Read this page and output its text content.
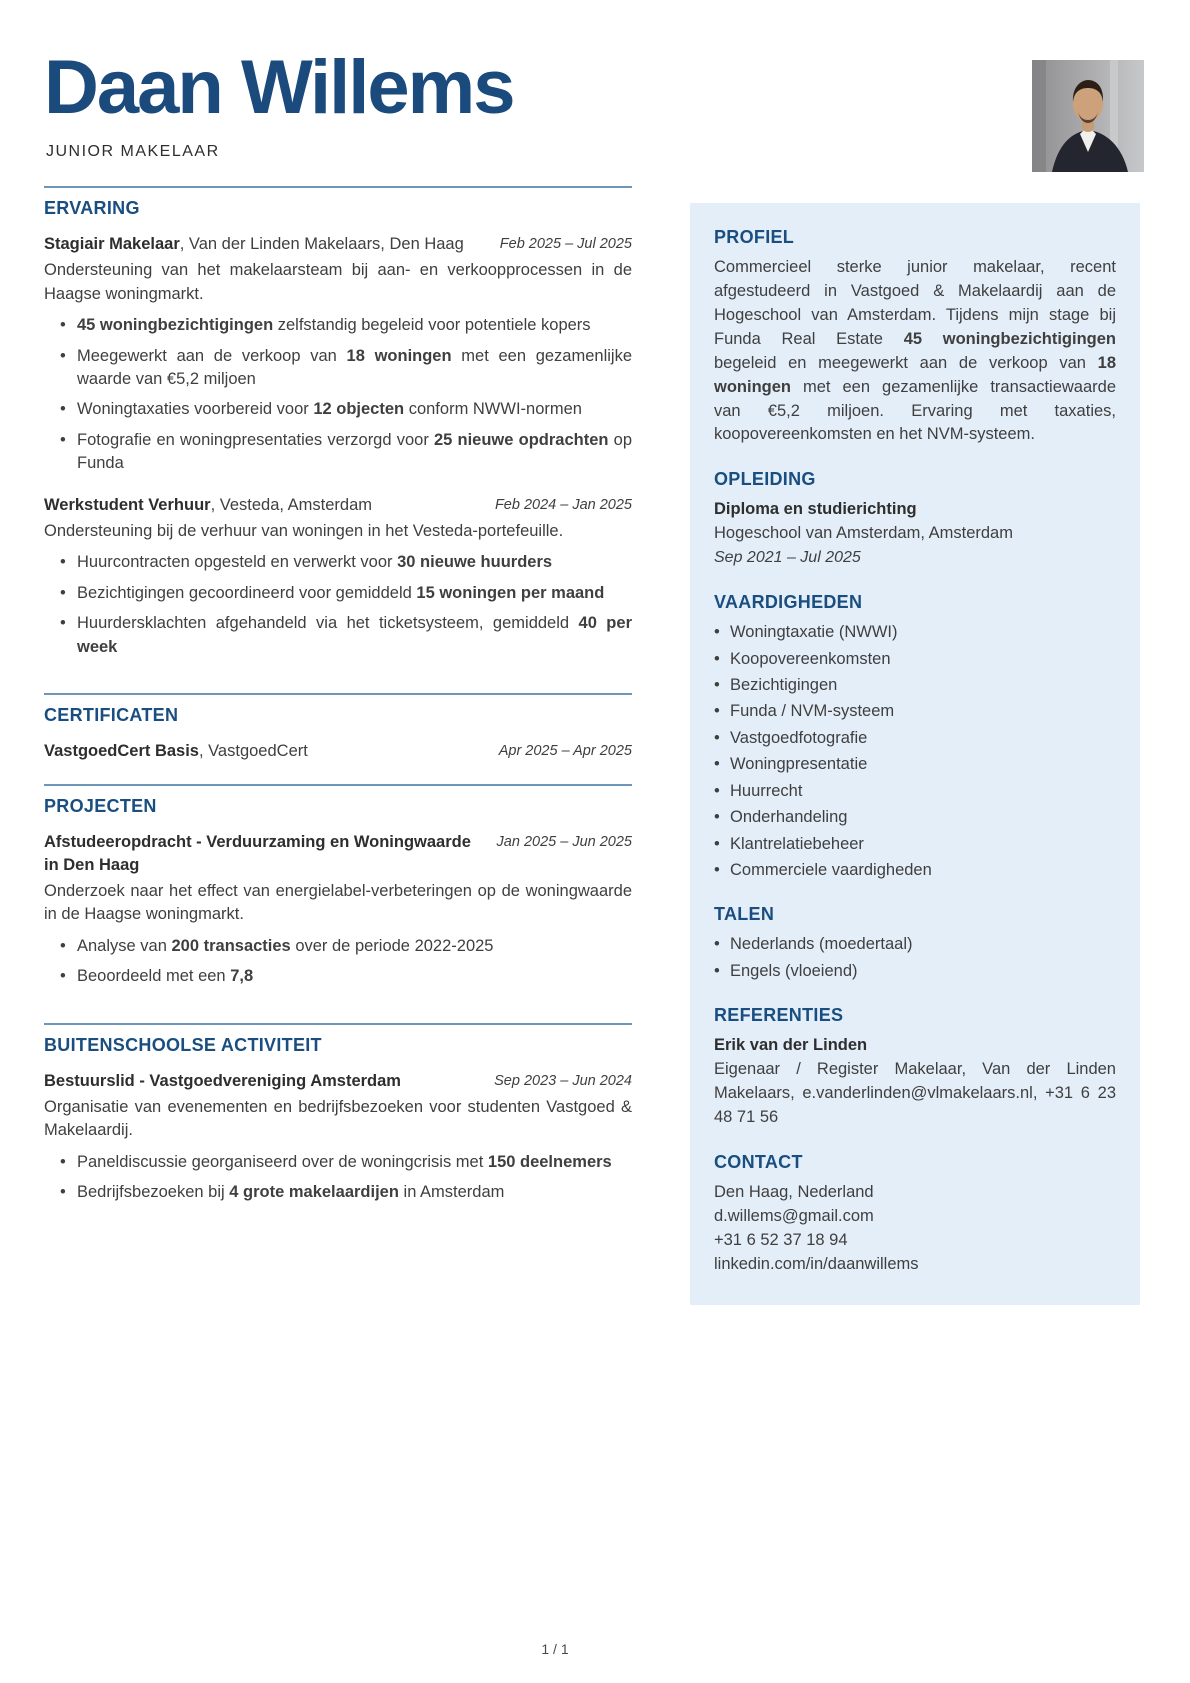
Daan Willems
JUNIOR MAKELAAR
ERVARING
Stagiair Makelaar, Van der Linden Makelaars, Den Haag Feb 2025 – Jul 2025

Ondersteuning van het makelaarsteam bij aan- en verkoopprocessen in de Haagse woningmarkt.

• 45 woningbezichtigingen zelfstandig begeleid voor potentiele kopers
• Meegewerkt aan de verkoop van 18 woningen met een gezamenlijke waarde van €5,2 miljoen
• Woningtaxaties voorbereid voor 12 objecten conform NWWI-normen
• Fotografie en woningpresentaties verzorgd voor 25 nieuwe opdrachten op Funda
Werkstudent Verhuur, Vesteda, Amsterdam	Feb 2024 – Jan 2025

Ondersteuning bij de verhuur van woningen in het Vesteda-portefeuille.

• Huurcontracten opgesteld en verwerkt voor 30 nieuwe huurders
• Bezichtigingen gecoordineerd voor gemiddeld 15 woningen per maand
• Huurdersklachten afgehandeld via het ticketsysteem, gemiddeld 40 per week
CERTIFICATEN
VastgoedCert Basis, VastgoedCert	Apr 2025 – Apr 2025
PROJECTEN
Afstudeeropdracht - Verduurzaming en Woningwaarde in Den Haag
Jan 2025 – Jun 2025

Onderzoek naar het effect van energielabel-verbeteringen op de woningwaarde in de Haagse woningmarkt.

• Analyse van 200 transacties over de periode 2022-2025
• Beoordeeld met een 7,8
BUITENSCHOOLSE ACTIVITEIT
Bestuurslid - Vastgoedvereniging Amsterdam	Sep 2023 – Jun 2024

Organisatie van evenementen en bedrijfsbezoeken voor studenten Vastgoed & Makelaardij.

• Paneldiscussie georganiseerd over de woningcrisis met 150 deelnemers
• Bedrijfsbezoeken bij 4 grote makelaardijen in Amsterdam
PROFIEL

Commercieel sterke junior makelaar, recent afgestudeerd in Vastgoed & Makelaardij aan de Hogeschool van Amsterdam. Tijdens mijn stage bij Funda Real Estate 45 woningbezichtigingen begeleid en meegewerkt aan de verkoop van 18 woningen met een gezamenlijke transactiewaarde van €5,2 miljoen. Ervaring met taxaties, koopovereenkomsten en het NVM-systeem.

OPLEIDING
Diploma en studierichting
Hogeschool van Amsterdam, Amsterdam
Sep 2021 – Jul 2025
VAARDIGHEDEN
• Woningtaxatie (NWWI)
• Koopovereenkomsten
• Bezichtigingen
• Funda / NVM-systeem
• Vastgoedfotografie
• Woningpresentatie
• Huurrecht
• Onderhandeling
• Klantrelatiebeheer
• Commerciele vaardigheden
TALEN
• Nederlands (moedertaal)
• Engels (vloeiend)
REFERENTIES
Erik van der Linden

Eigenaar / Register Makelaar, Van der Linden Makelaars, e.vanderlinden@vlmakelaars.nl, +31 6 23 48 71 56

CONTACT
Den Haag, Nederland
d.willems@gmail.com
+31 6 52 37 18 94
linkedin.com/in/daanwillems
1 / 1
